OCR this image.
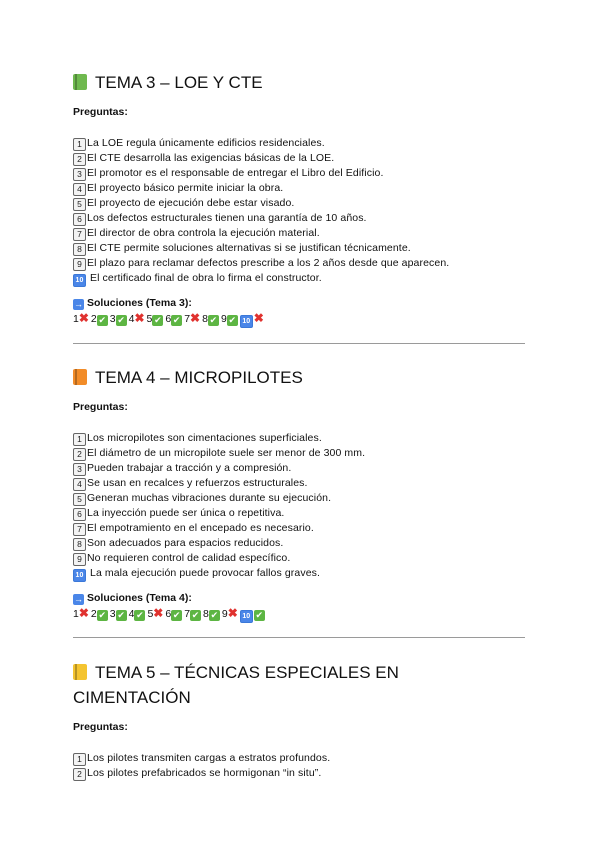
TEMA 3 – LOE Y CTE

Preguntas:

1 La LOE regula únicamente edificios residenciales.
2 El CTE desarrolla las exigencias básicas de la LOE.
3 El promotor es el responsable de entregar el Libro del Edificio.
4 El proyecto básico permite iniciar la obra.
5 El proyecto de ejecución debe estar visado.
6 Los defectos estructurales tienen una garantía de 10 años.
7 El director de obra controla la ejecución material.
8 El CTE permite soluciones alternativas si se justifican técnicamente.
9 El plazo para reclamar defectos prescribe a los 2 años desde que aparecen.
10 El certificado final de obra lo firma el constructor.

→ Soluciones (Tema 3):

1✖ 2 ✔ 3 ✔ 4✖ 5 ✔ 6 ✔ 7✖ 8 ✔ 9 ✔ 10 ✖
TEMA 4 – MICROPILOTES

Preguntas:

1 Los micropilotes son cimentaciones superficiales.
2 El diámetro de un micropilote suele ser menor de 300 mm.
3 Pueden trabajar a tracción y a compresión.
4 Se usan en recalces y refuerzos estructurales.
5 Generan muchas vibraciones durante su ejecución.
6 La inyección puede ser única o repetitiva.
7 El empotramiento en el encepado es necesario.
8 Son adecuados para espacios reducidos.
9 No requieren control de calidad específico.
10 La mala ejecución puede provocar fallos graves.

→ Soluciones (Tema 4):

1✖ 2 ✔ 3 ✔ 4 ✔ 5✖ 6 ✔ 7 ✔ 8 ✔ 9✖ 10 ✔
TEMA 5 – TÉCNICAS ESPECIALES EN CIMENTACIÓN

Preguntas:

1 Los pilotes transmiten cargas a estratos profundos.
2 Los pilotes prefabricados se hormigonan “in situ”.
